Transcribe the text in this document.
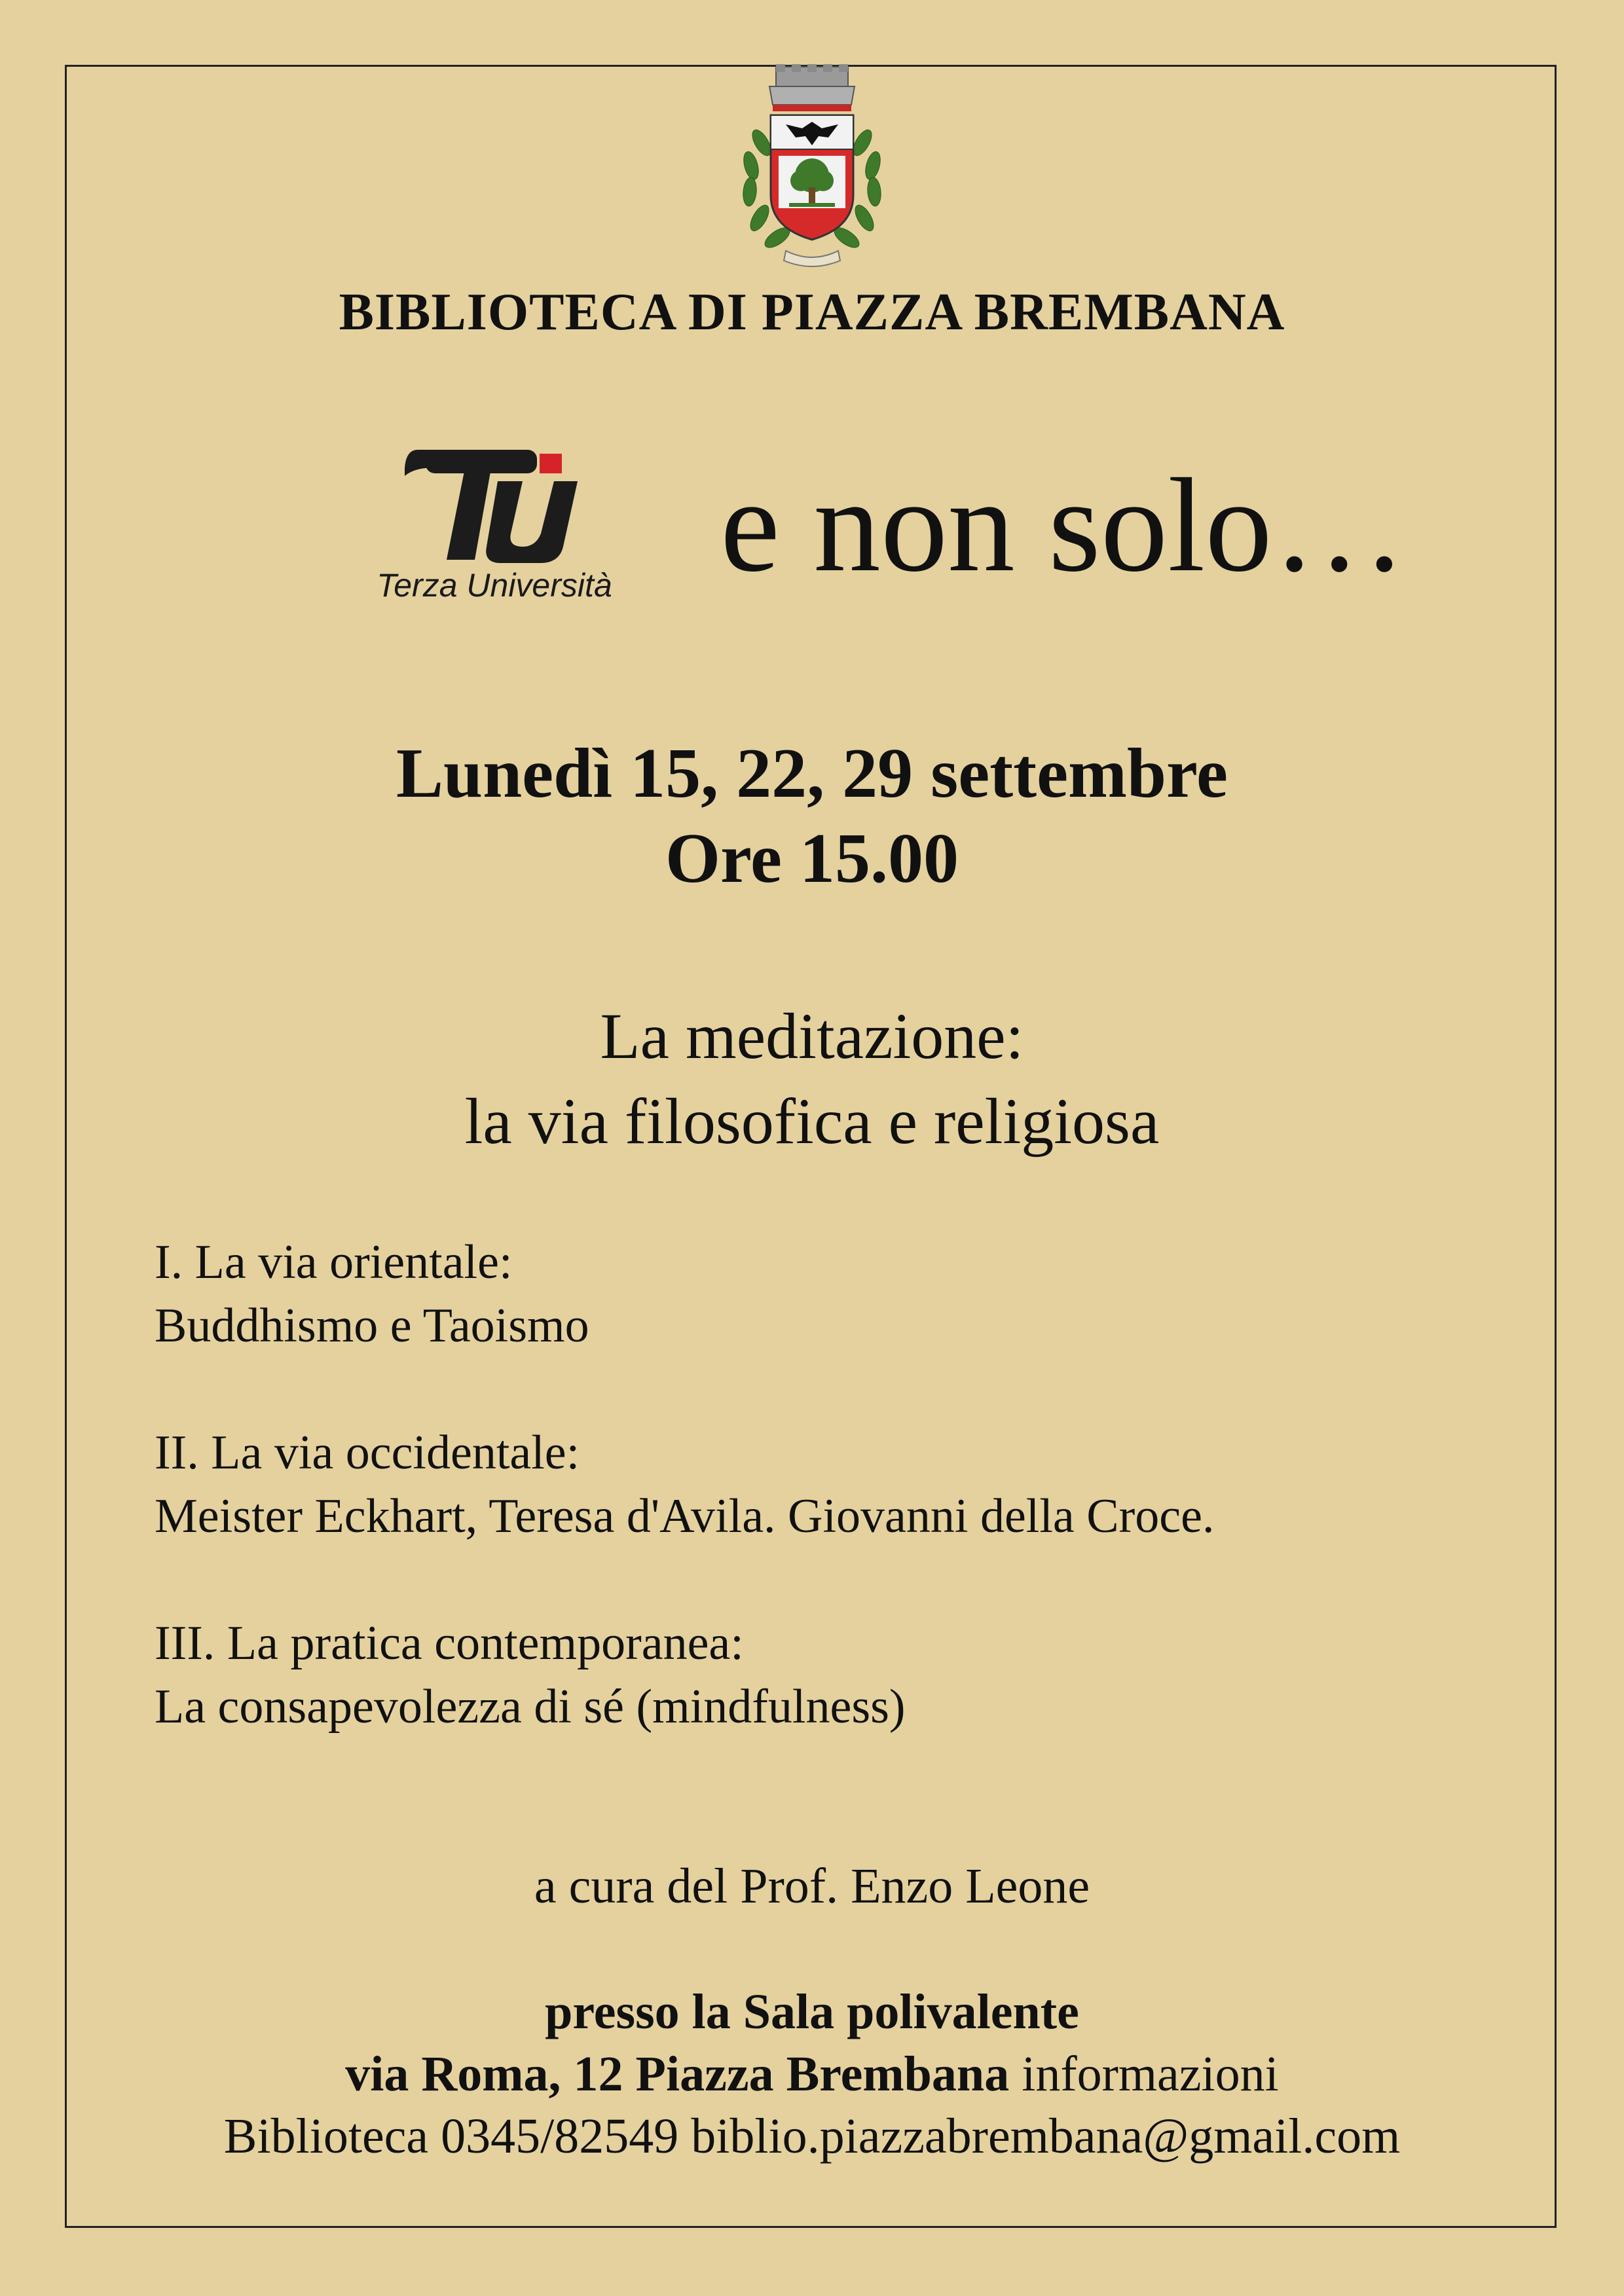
BIBLIOTECA DI PIAZZA BREMBANA
Terza Università e non solo…
Lunedì 15, 22, 29 settembre
Ore 15.00
La meditazione:
la via filosofica e religiosa
I. La via orientale:
Buddhismo e Taoismo
II. La via occidentale:
Meister Eckhart, Teresa d'Avila. Giovanni della Croce.
III. La pratica contemporanea:
La consapevolezza di sé (mindfulness)
a cura del Prof. Enzo Leone
presso la Sala polivalente
via Roma, 12 Piazza Brembana informazioni
Biblioteca 0345/82549 biblio.piazzabrembana@gmail.com
